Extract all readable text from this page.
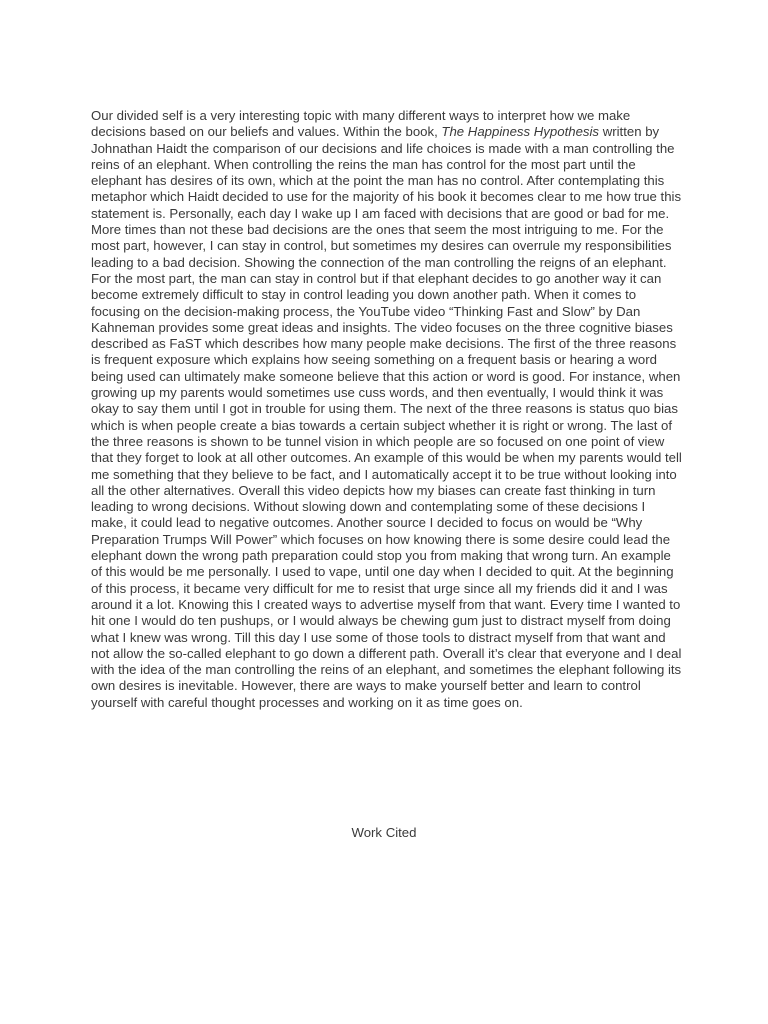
Our divided self is a very interesting topic with many different ways to interpret how we make decisions based on our beliefs and values. Within the book, The Happiness Hypothesis written by Johnathan Haidt the comparison of our decisions and life choices is made with a man controlling the reins of an elephant. When controlling the reins the man has control for the most part until the elephant has desires of its own, which at the point the man has no control. After contemplating this metaphor which Haidt decided to use for the majority of his book it becomes clear to me how true this statement is. Personally, each day I wake up I am faced with decisions that are good or bad for me. More times than not these bad decisions are the ones that seem the most intriguing to me. For the most part, however, I can stay in control, but sometimes my desires can overrule my responsibilities leading to a bad decision. Showing the connection of the man controlling the reigns of an elephant. For the most part, the man can stay in control but if that elephant decides to go another way it can become extremely difficult to stay in control leading you down another path. When it comes to focusing on the decision-making process, the YouTube video “Thinking Fast and Slow” by Dan Kahneman provides some great ideas and insights. The video focuses on the three cognitive biases described as FaST which describes how many people make decisions. The first of the three reasons is frequent exposure which explains how seeing something on a frequent basis or hearing a word being used can ultimately make someone believe that this action or word is good. For instance, when growing up my parents would sometimes use cuss words, and then eventually, I would think it was okay to say them until I got in trouble for using them. The next of the three reasons is status quo bias which is when people create a bias towards a certain subject whether it is right or wrong. The last of the three reasons is shown to be tunnel vision in which people are so focused on one point of view that they forget to look at all other outcomes. An example of this would be when my parents would tell me something that they believe to be fact, and I automatically accept it to be true without looking into all the other alternatives. Overall this video depicts how my biases can create fast thinking in turn leading to wrong decisions. Without slowing down and contemplating some of these decisions I make, it could lead to negative outcomes. Another source I decided to focus on would be “Why Preparation Trumps Will Power” which focuses on how knowing there is some desire could lead the elephant down the wrong path preparation could stop you from making that wrong turn. An example of this would be me personally. I used to vape, until one day when I decided to quit. At the beginning of this process, it became very difficult for me to resist that urge since all my friends did it and I was around it a lot. Knowing this I created ways to advertise myself from that want. Every time I wanted to hit one I would do ten pushups, or I would always be chewing gum just to distract myself from doing what I knew was wrong. Till this day I use some of those tools to distract myself from that want and not allow the so-called elephant to go down a different path. Overall it’s clear that everyone and I deal with the idea of the man controlling the reins of an elephant, and sometimes the elephant following its own desires is inevitable. However, there are ways to make yourself better and learn to control yourself with careful thought processes and working on it as time goes on.

Work Cited
